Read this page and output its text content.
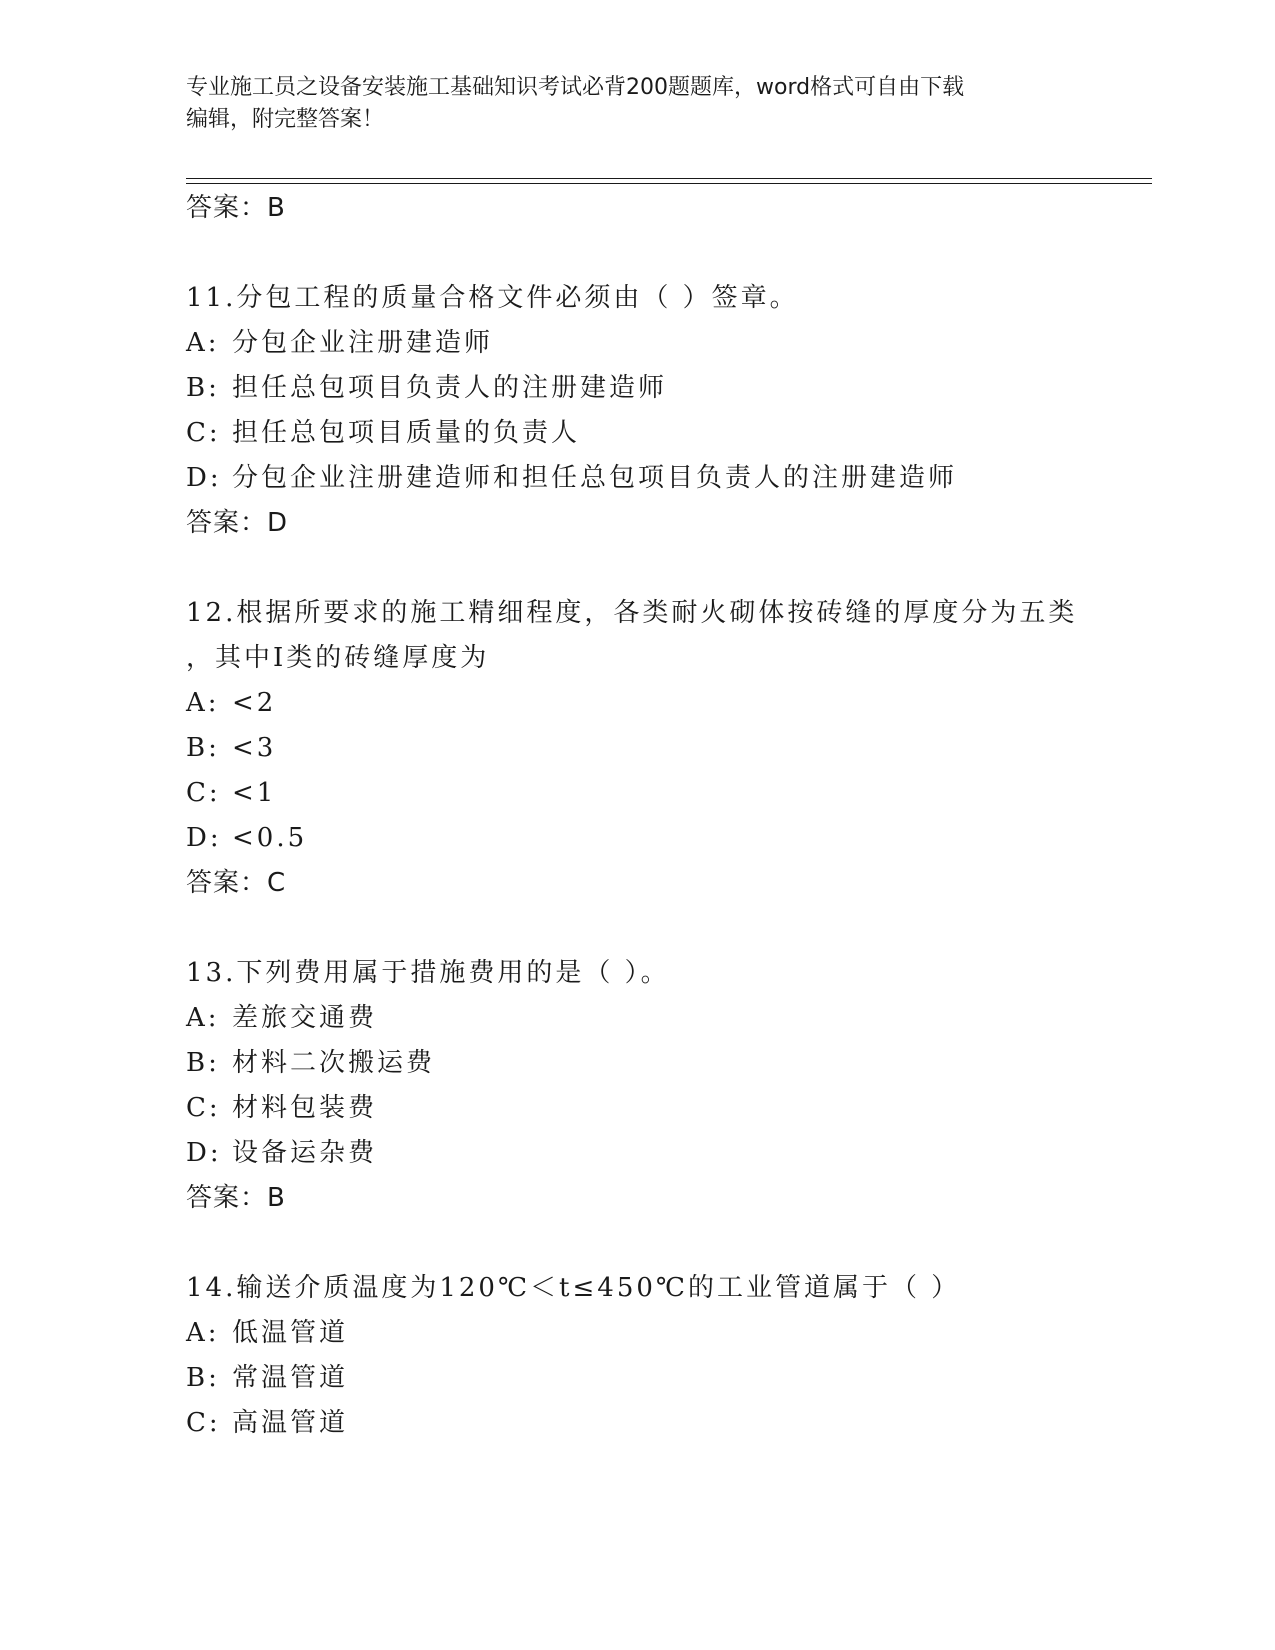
专业施工员之设备安装施工基础知识考试必背200题题库，word格式可自由下载
编辑，附完整答案！
答案：B
11.分包工程的质量合格文件必须由（ ）签章。
A: 分包企业注册建造师
B: 担任总包项目负责人的注册建造师
C: 担任总包项目质量的负责人
D: 分包企业注册建造师和担任总包项目负责人的注册建造师
答案：D
12.根据所要求的施工精细程度，各类耐火砌体按砖缝的厚度分为五类
，其中Ⅰ类的砖缝厚度为
A: <2
B: <3
C: <1
D: <0.5
答案：C
13.下列费用属于措施费用的是（ ）。
A: 差旅交通费
B: 材料二次搬运费
C: 材料包装费
D: 设备运杂费
答案：B
14.输送介质温度为120℃＜t≤450℃的工业管道属于（ ）
A: 低温管道
B: 常温管道
C: 高温管道
